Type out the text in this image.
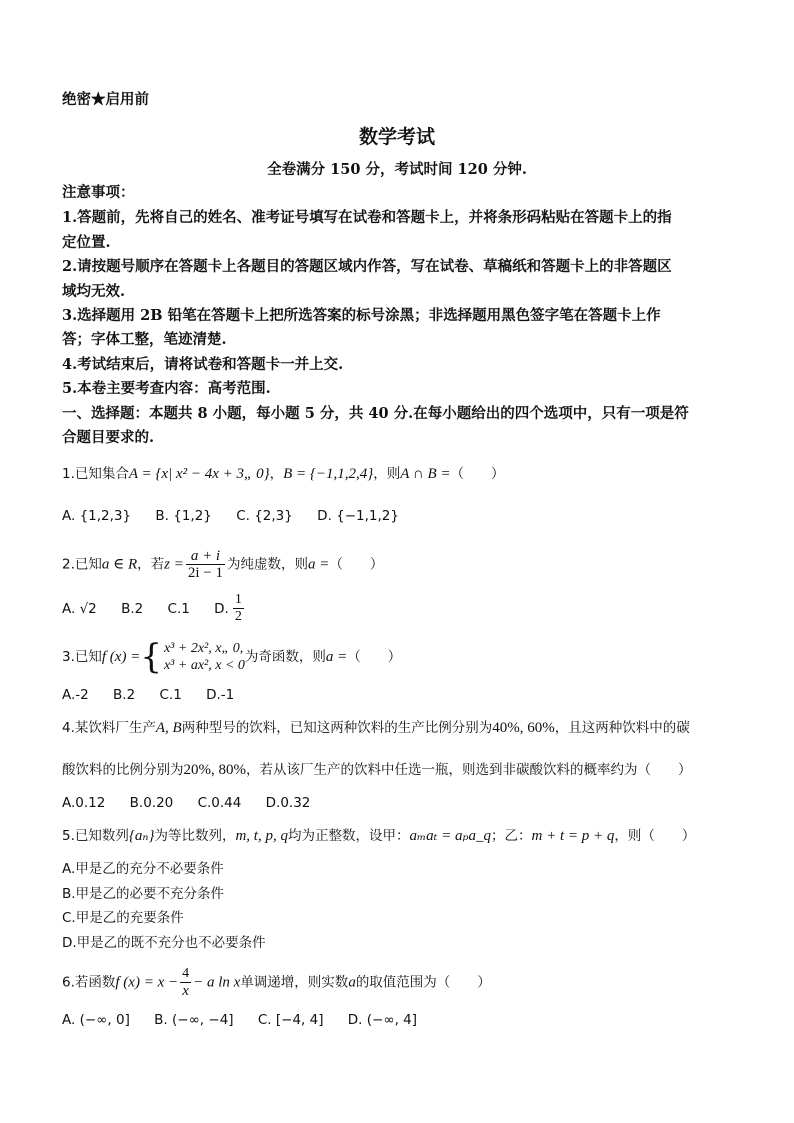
绝密★启用前
数学考试
全卷满分 150 分，考试时间 120 分钟.
注意事项：
1.答题前，先将自己的姓名、准考证号填写在试卷和答题卡上，并将条形码粘贴在答题卡上的指
定位置.
2.请按题号顺序在答题卡上各题目的答题区域内作答，写在试卷、草稿纸和答题卡上的非答题区
域均无效.
3.选择题用 2B 铅笔在答题卡上把所选答案的标号涂黑；非选择题用黑色签字笔在答题卡上作
答；字体工整，笔迹清楚.
4.考试结束后，请将试卷和答题卡一并上交.
5.本卷主要考查内容：高考范围.
一、选择题：本题共 8 小题，每小题 5 分，共 40 分.在每小题给出的四个选项中，只有一项是符
合题目要求的.
1.已知集合A = {x| x² − 4x + 3„ 0}，B = {−1,1,2,4}，则A ∩ B =（　　）
A. {1,2,3} B. {1,2} C. {2,3} D. {−1,1,2}
2.已知a ∈ R，若$z = \frac{a + i}{2i - 1}$ 为纯虚数，则a =（　　）
A. √2 B.2 C.1 D. $\frac{1}{2}$
3.已知f (x) ={ x³ + 2x², x„ 0,
x³ + ax², x < 0
为奇函数，则a =（　　）
A.-2 B.2 C.1 D.-1
4.某饮料厂生产A, B两种型号的饮料，已知这两种饮料的生产比例分别为40%, 60%，且这两种饮料中的碳
酸饮料的比例分别为20%, 80%，若从该厂生产的饮料中任选一瓶，则选到非碳酸饮料的概率约为（　　）
A.0.12 B.0.20 C.0.44 D.0.32
5.已知数列{aₙ}为等比数列，m, t, p, q均为正整数，设甲：aₘaₜ = aₚa_q；乙：m + t = p + q，则（　　）
A.甲是乙的充分不必要条件
B.甲是乙的必要不充分条件
C.甲是乙的充要条件
D.甲是乙的既不充分也不必要条件
6.若函数f $(x) = x - \frac{4}{x} - a$ ln x单调递增，则实数a的取值范围为（　　）
A. (−∞, 0] B. (−∞, −4] C. [−4, 4] D. (−∞, 4]
